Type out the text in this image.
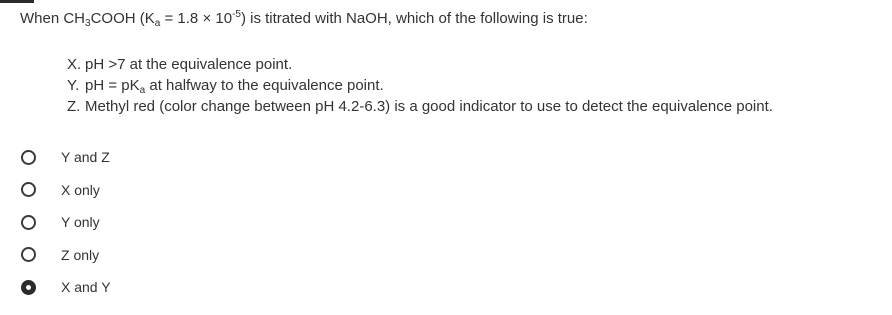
When $CH_3COOH$ $(K_a = 1.8 \times 10^{-5})$ is titrated with NaOH, which of the following is true:
X. pH >7 at the equivalence point.
Y. pH = $pK_a$ at halfway to the equivalence point.
Z. Methyl red (color change between pH 4.2-6.3) is a good indicator to use to detect the equivalence point.
Y and Z
X only
Y only
Z only
X and Y
